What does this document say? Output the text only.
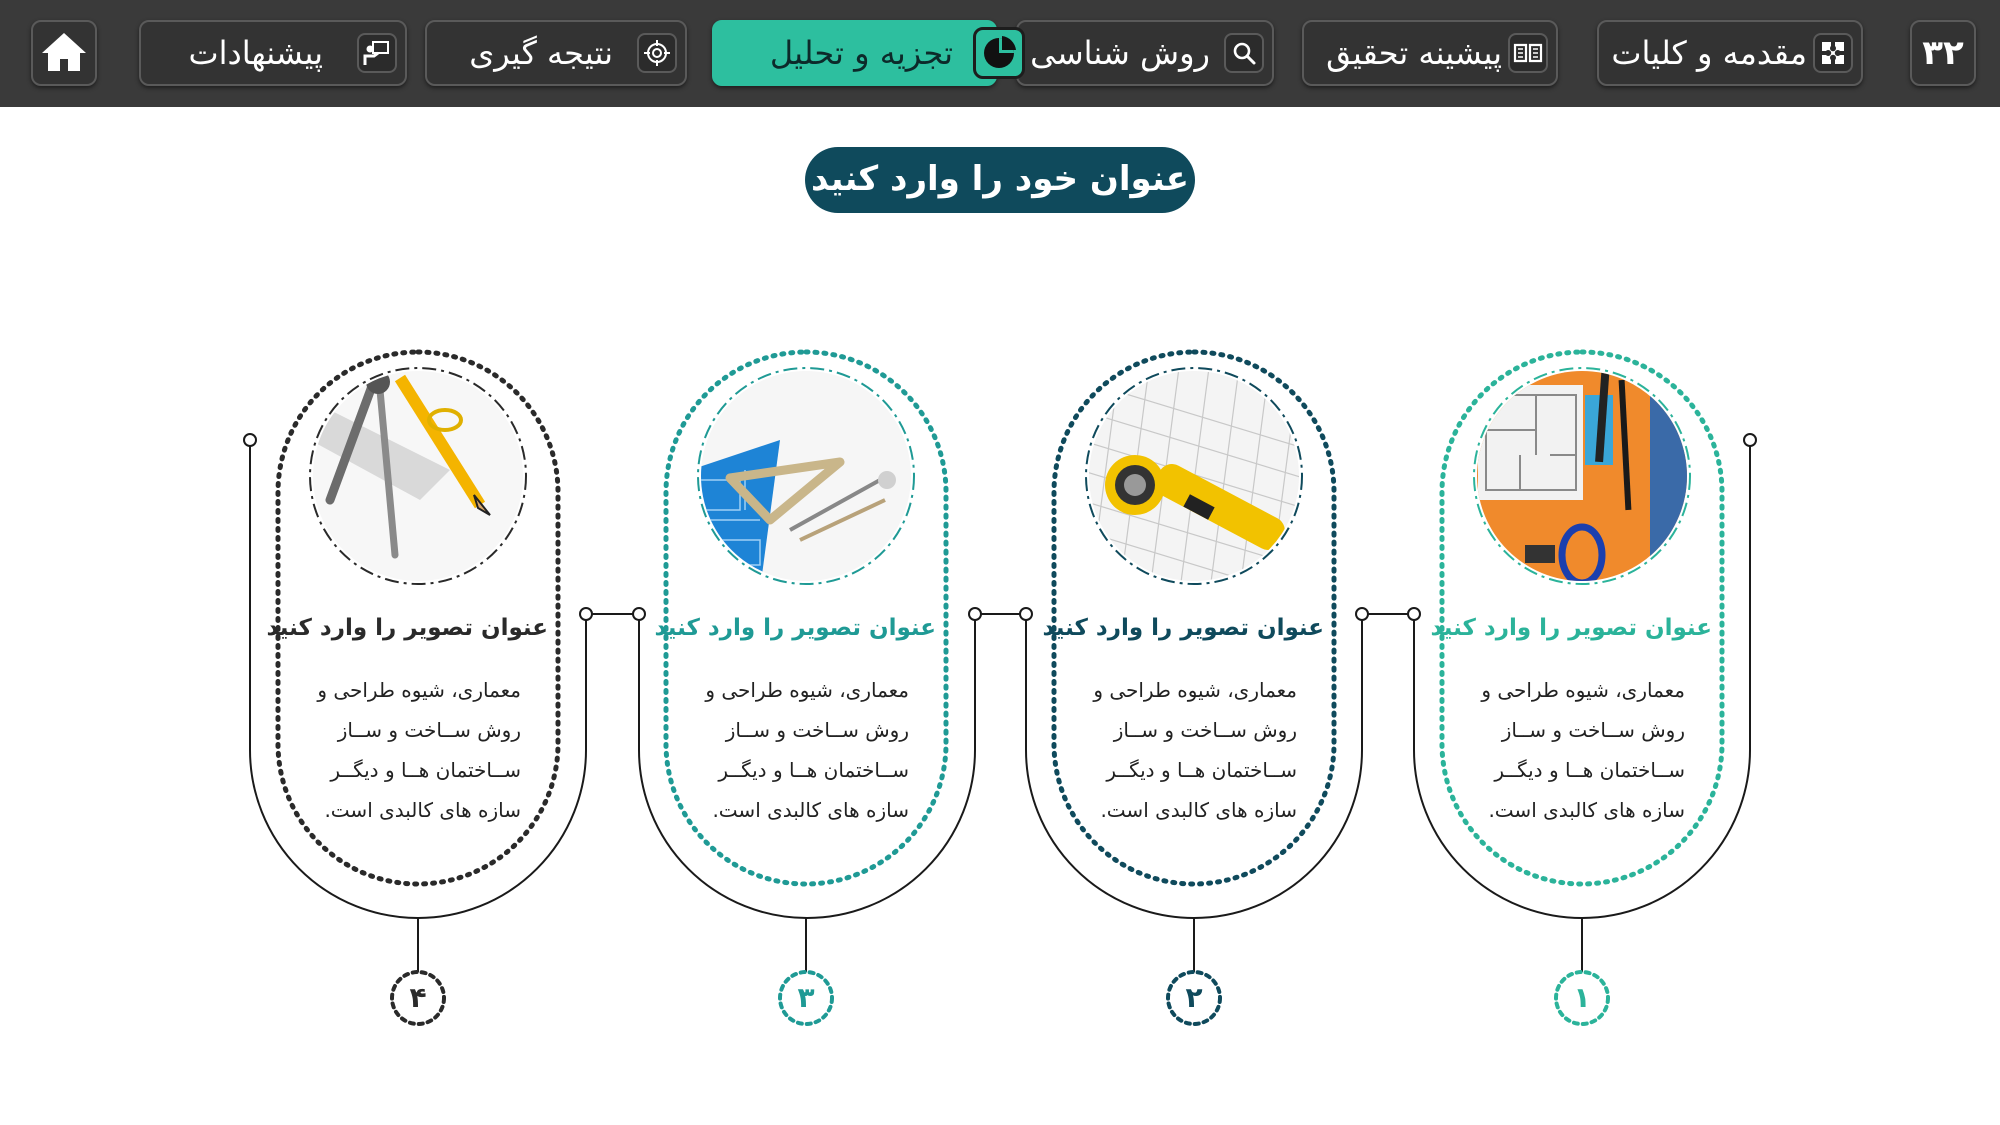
۳۲
مقدمه و کلیات
پیشینه تحقیق
روش شناسی
تجزیه و تحلیل
نتیجه گیری
پیشنهادات
عنوان خود را وارد کنید
عنوان تصویر را وارد کنید
معماری، شیوه طراحی و روش ســاخت و ســاز ســاختمان هــا و دیگــر سازه های کالبدی است.
عنوان تصویر را وارد کنید
معماری، شیوه طراحی و روش ســاخت و ســاز ســاختمان هــا و دیگــر سازه های کالبدی است.
عنوان تصویر را وارد کنید
معماری، شیوه طراحی و روش ســاخت و ســاز ســاختمان هــا و دیگــر سازه های کالبدی است.
عنوان تصویر را وارد کنید
معماری، شیوه طراحی و روش ســاخت و ســاز ســاختمان هــا و دیگــر سازه های کالبدی است.
۱
۲
۳
۴
